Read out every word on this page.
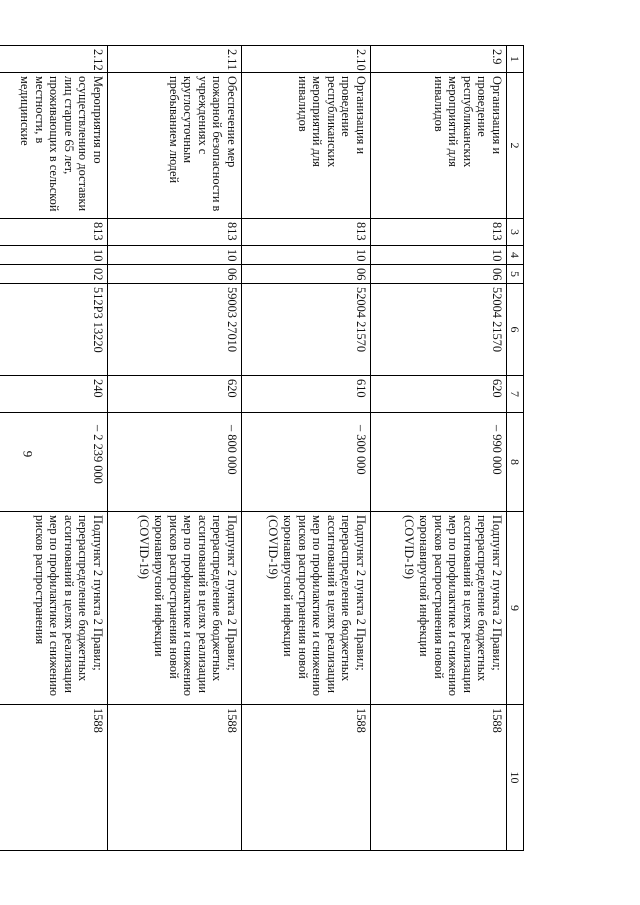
9
1	2	3	4	5	6	7	8	9	10
2.9	Организация и проведение республиканских мероприятий для инвалидов	813	10	06	52004 21570	620	– 990 000	Подпункт 2 пункта 2 Правил; перераспределение бюджетных ассигнований в целях реализации мер по профилактике и снижению рисков распространения новой коронавирусной инфекции (COVID-19)	1588
2.10	Организация и проведение республиканских мероприятий для инвалидов	813	10	06	52004 21570	610	– 300 000	Подпункт 2 пункта 2 Правил; перераспределение бюджетных ассигнований в целях реализации мер по профилактике и снижению рисков распространения новой коронавирусной инфекции (COVID-19)	1588
2.11	Обеспечение мер пожарной безопасности в учреждениях с круглосуточным пребыванием людей	813	10	06	59003 27010	620	– 800 000	Подпункт 2 пункта 2 Правил; перераспределение бюджетных ассигнований в целях реализации мер по профилактике и снижению рисков распространения новой коронавирусной инфекции (COVID-19)	1588
2.12	Мероприятия по осуществлению доставки лиц старше 65 лет, проживающих в сельской местности, в медицинские	813	10	02	512P3 13220	240	– 2 239 000	Подпункт 2 пункта 2 Правил; перераспределение бюджетных ассигнований в целях реализации мер по профилактике и снижению рисков распространения	1588
